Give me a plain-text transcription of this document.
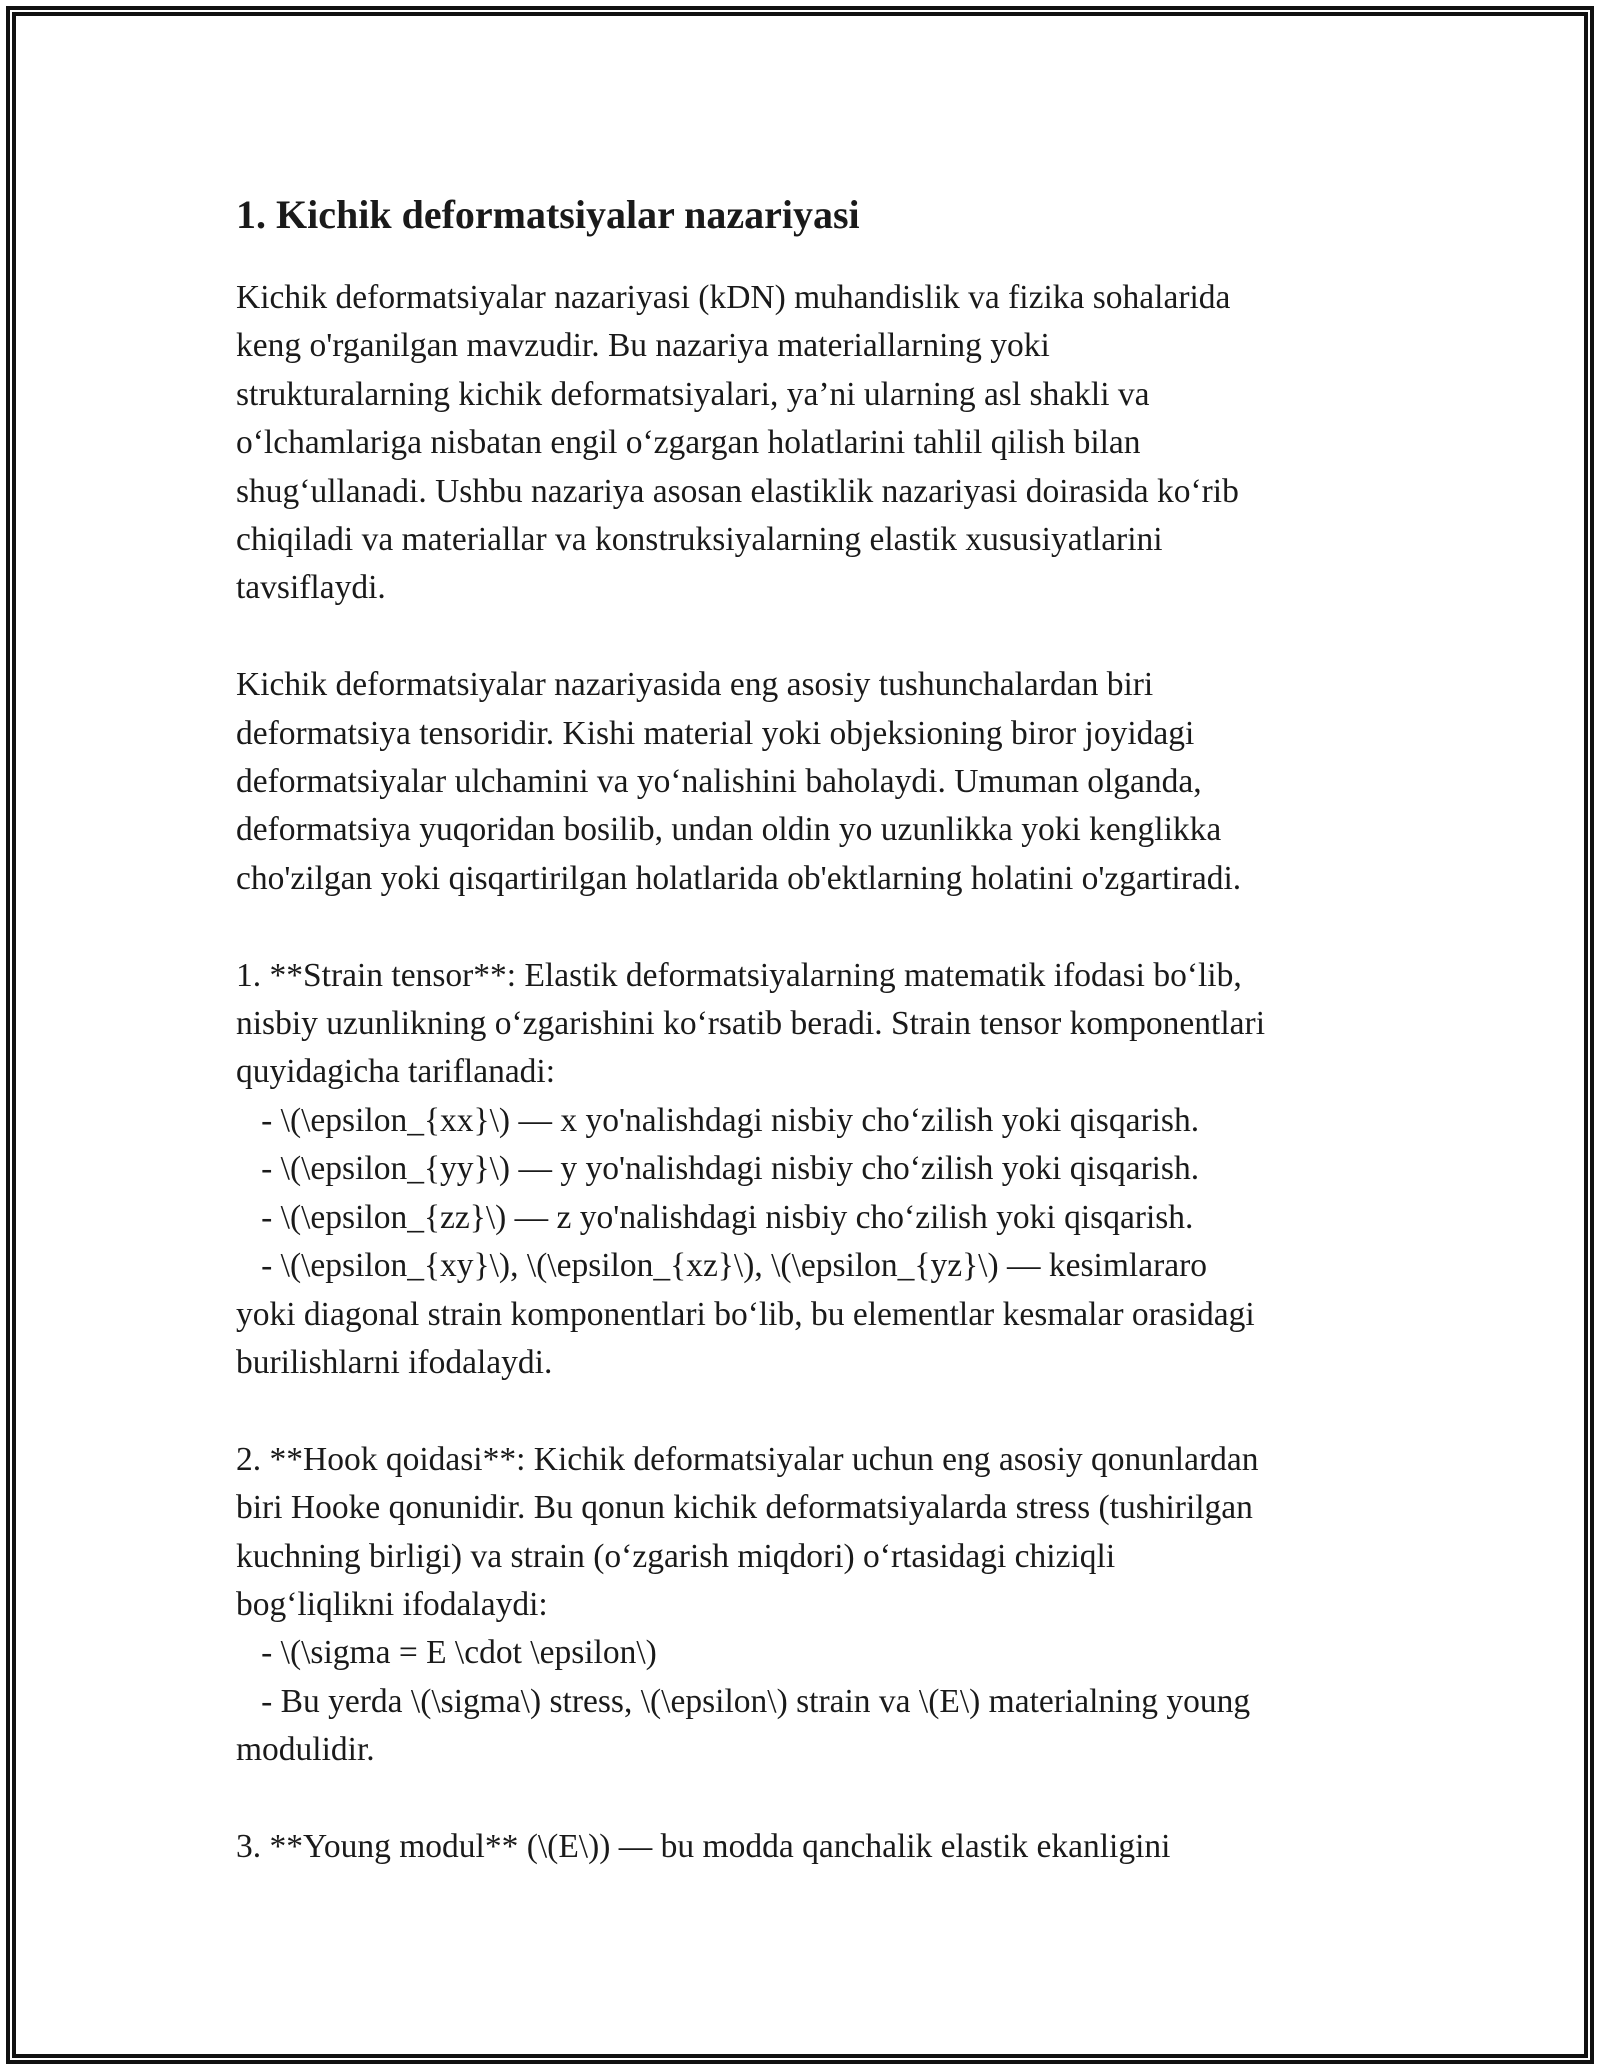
1. Kichik deformatsiyalar nazariyasi

Kichik deformatsiyalar nazariyasi (kDN) muhandislik va fizika sohalarida

keng o'rganilgan mavzudir. Bu nazariya materiallarning yoki

strukturalarning kichik deformatsiyalari, ya’ni ularning asl shakli va

o‘lchamlariga nisbatan engil o‘zgargan holatlarini tahlil qilish bilan

shug‘ullanadi. Ushbu nazariya asosan elastiklik nazariyasi doirasida ko‘rib

chiqiladi va materiallar va konstruksiyalarning elastik xususiyatlarini

tavsiflaydi.

Kichik deformatsiyalar nazariyasida eng asosiy tushunchalardan biri

deformatsiya tensoridir. Kishi material yoki objeksioning biror joyidagi

deformatsiyalar ulchamini va yo‘nalishini baholaydi. Umuman olganda,

deformatsiya yuqoridan bosilib, undan oldin yo uzunlikka yoki kenglikka

cho'zilgan yoki qisqartirilgan holatlarida ob'ektlarning holatini o'zgartiradi.

1. **Strain tensor**: Elastik deformatsiyalarning matematik ifodasi bo‘lib,

nisbiy uzunlikning o‘zgarishini ko‘rsatib beradi. Strain tensor komponentlari

quyidagicha tariflanadi:

- \(\epsilon_{xx}\) — x yo'nalishdagi nisbiy cho‘zilish yoki qisqarish.

- \(\epsilon_{yy}\) — y yo'nalishdagi nisbiy cho‘zilish yoki qisqarish.

- \(\epsilon_{zz}\) — z yo'nalishdagi nisbiy cho‘zilish yoki qisqarish.

- \(\epsilon_{xy}\), \(\epsilon_{xz}\), \(\epsilon_{yz}\) — kesimlararo

yoki diagonal strain komponentlari bo‘lib, bu elementlar kesmalar orasidagi

burilishlarni ifodalaydi.

2. **Hook qoidasi**: Kichik deformatsiyalar uchun eng asosiy qonunlardan

biri Hooke qonunidir. Bu qonun kichik deformatsiyalarda stress (tushirilgan

kuchning birligi) va strain (o‘zgarish miqdori) o‘rtasidagi chiziqli

bog‘liqlikni ifodalaydi:

- \(\sigma = E \cdot \epsilon\)

- Bu yerda \(\sigma\) stress, \(\epsilon\) strain va \(E\) materialning young

modulidir.

3. **Young modul** (\(E\)) — bu modda qanchalik elastik ekanligini
